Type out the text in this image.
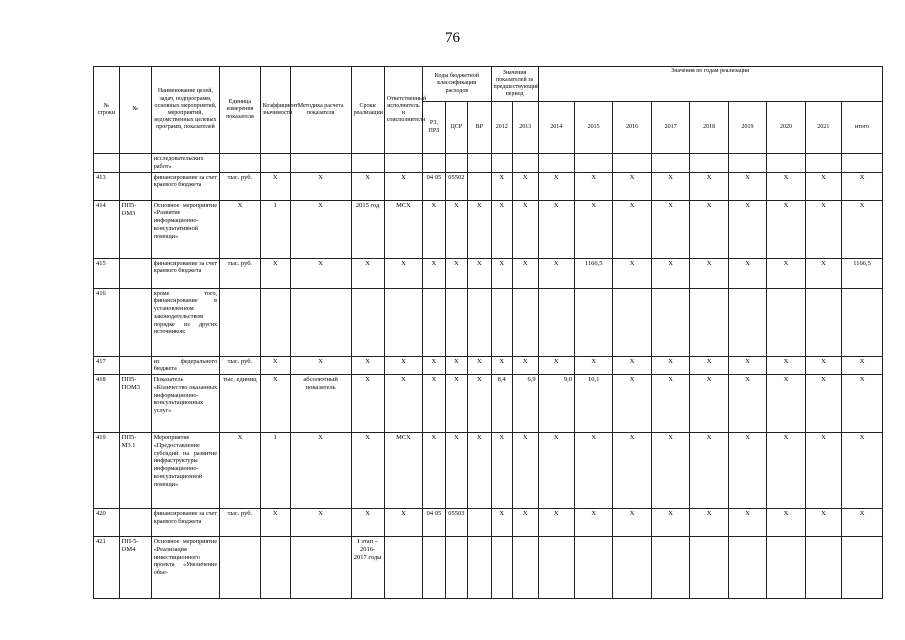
76
№ строки	№	Наименование целей, задач, подпрограмм, основных мероприятий, мероприятий, ведомственных целевых программ, показателей	Единица измерения показателя	Коэффициент значимости	Методика расчета показателя	Сроки реализации	Ответственный исполнитель и соисполнители	Коды бюджетной классификации расходов			Значения показателей за предшествующий период		Значения по годам реализации								
								РЗ, ПРЗ	ЦСР	ВР	2012	2013	2014	2015	2016	2017	2018	2019	2020	2021	итого
		исследовательских работ»																			
413		финансирование за счет краевого бюджета	тыс. руб.	X	X	X	X	04 05	05502		X	X	X	X	X	X	X	X	X	X	X
414	ПП5-ОМ3	Основное мероприятие «Развитие информационно-консультативной помощи»	X	I	X	2015 год	МСХ	X	X	X	X	X	X	X	X	X	X	X	X	X	X
415		финансирование за счет краевого бюджета	тыс. руб.	X	X	X	X	X	X	X	X	X	X	1166,5	X	X	X	X	X	X	1166,5
416		кроме того, финансирование в установленном законодательством порядке из других источников:																			
417		из федерального бюджета	тыс. руб.	X	X	X	X	X	X	X	X	X	X	X	X	X	X	X	X	X	X
418	ПП5-ПОМ3	Показатель «Количество оказанных информационно-консультационных услуг»	тыс. единиц	X	абсолютный показатель	X	X	X	X	X	8,4	6,9	9,0	10,1	X	X	X	X	X	X	X
419	ПП5-М3.1	Мероприятие «Предоставление субсидий на развитие инфраструктуры информационно-консультационной помощи»	X	I	X	X	МСХ	X	X	X	X	X	X	X	X	X	X	X	X	X	X
420		финансирование за счет краевого бюджета	тыс. руб.	X	X	X	X	04 05	05503		X	X	X	X	X	X	X	X	X	X	X
421	ПП-5-ОМ4	Основное мероприятие «Реализация инвестиционного проекта «Увеличение объе-				I этап – 2016-2017 годы															
